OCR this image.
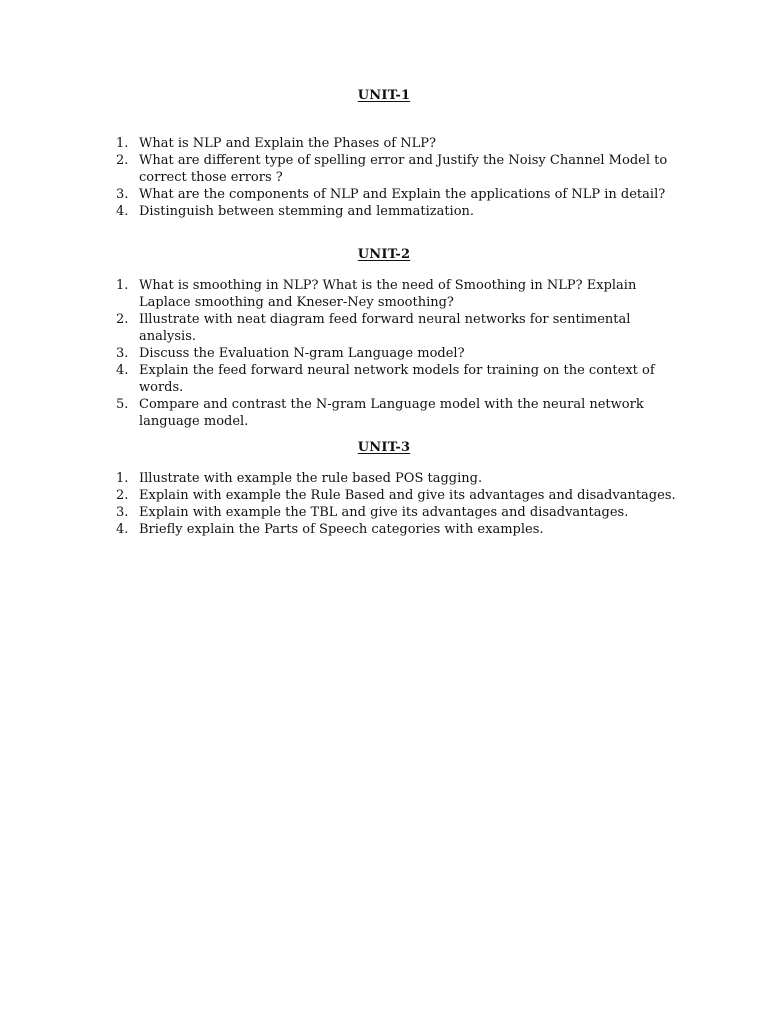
UNIT-1
1. What is NLP and Explain the Phases of NLP?
2. What are different type of spelling error and Justify the Noisy Channel Model to correct those errors ?
3. What are the components of NLP and Explain the applications of NLP in detail?
4. Distinguish between stemming and lemmatization.
UNIT-2
1. What is smoothing in NLP? What is the need of Smoothing in NLP? Explain Laplace smoothing and Kneser-Ney smoothing?
2. Illustrate with neat diagram feed forward neural networks for sentimental analysis.
3. Discuss the Evaluation N-gram Language model?
4. Explain the feed forward neural network models for training on the context of words.
5. Compare and contrast the N-gram Language model with the neural network language model.
UNIT-3
1. Illustrate with example the rule based POS tagging.
2. Explain with example the Rule Based and give its advantages and disadvantages.
3. Explain with example the TBL and give its advantages and disadvantages.
4. Briefly explain the Parts of Speech categories with examples.
